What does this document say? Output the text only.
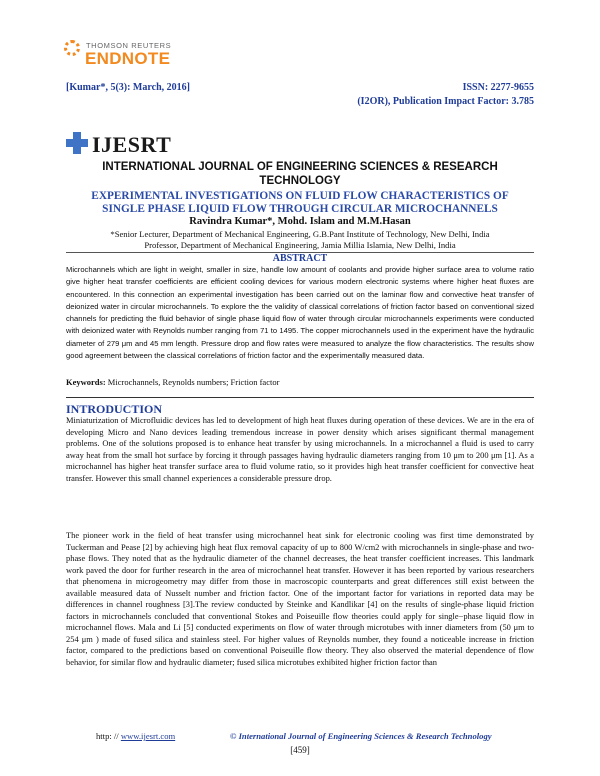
THOMSON REUTERS
ENDNOTE
[Kumar*, 5(3): March, 2016]	ISSN: 2277-9655
(I2OR), Publication Impact Factor: 3.785
IJESRT
INTERNATIONAL JOURNAL OF ENGINEERING SCIENCES & RESEARCH
TECHNOLOGY
EXPERIMENTAL INVESTIGATIONS ON FLUID FLOW CHARACTERISTICS OF
SINGLE PHASE LIQUID FLOW THROUGH CIRCULAR MICROCHANNELS
Ravindra Kumar*, Mohd. Islam and M.M.Hasan
*Senior Lecturer, Department of Mechanical Engineering, G.B.Pant Institute of Technology, New Delhi, India
Professor, Department of Mechanical Engineering, Jamia Millia Islamia, New Delhi, India
ABSTRACT
Microchannels which are light in weight, smaller in size, handle low amount of coolants and provide higher surface area to volume ratio give higher heat transfer coefficients are efficient cooling devices for various modern electronic systems where higher heat fluxes are encountered. In this connection an experimental investigation has been carried out on the laminar flow and convective heat transfer of deionized water in circular microchannels. To explore the the validity of classical correlations of friction factor based on conventional sized channels for predicting the fluid behavior of single phase liquid flow of water through circular microchannels experiments were conducted with deionized water with Reynolds number ranging from 71 to 1495. The copper microchannels used in the experiment have the hydraulic diameter of 279 μm and 45 mm length. Pressure drop and flow rates were measured to analyze the flow characteristics. The results show good agreement between the classical correlations of friction factor and the experimentally measured data.
Keywords: Microchannels, Reynolds numbers; Friction factor
INTRODUCTION
Miniaturization of Microfluidic devices has led to development of high heat fluxes during operation of these devices. We are in the era of developing Micro and Nano devices leading tremendous increase in power density which arises significant thermal management problems. One of the solutions proposed is to enhance heat transfer by using microchannels. In a microchannel a fluid is used to carry away heat from the small hot surface by forcing it through passages having hydraulic diameters ranging from 10 μm to 200 μm [1]. As a microchannel has higher heat transfer surface area to fluid volume ratio, so it provides high heat transfer coefficient for convective heat transfer. However this small channel experiences a considerable pressure drop.
The pioneer work in the field of heat transfer using microchannel heat sink for electronic cooling was first time demonstrated by Tuckerman and Pease [2] by achieving high heat flux removal capacity of up to 800 W/cm2 with microchannels in single-phase and two-phase flows. They noted that as the hydraulic diameter of the channel decreases, the heat transfer coefficient increases. This landmark work paved the door for further research in the area of microchannel heat transfer. However it has been reported by various researchers that phenomena in microgeometry may differ from those in macroscopic counterparts and great differences still exist between the available measured data of Nusselt number and friction factor. One of the important factor for variations in reported data may be differences in channel roughness [3].The review conducted by Steinke and Kandlikar [4] on the results of single-phase liquid friction factors in microchannels concluded that conventional Stokes and Poiseuille flow theories could apply for single−phase liquid flow in microchannel flows. Mala and Li [5] conducted experiments on flow of water through microtubes with inner diameters from (50 μm to 254 μm ) made of fused silica and stainless steel. For higher values of Reynolds number, they found a noticeable increase in friction factor, compared to the predictions based on conventional Poiseuille flow theory. They also observed the material dependence of flow behavior, for similar flow and hydraulic diameter; fused silica microtubes exhibited higher friction factor than
http: // www.ijesrt.com	© International Journal of Engineering Sciences & Research Technology
[459]
